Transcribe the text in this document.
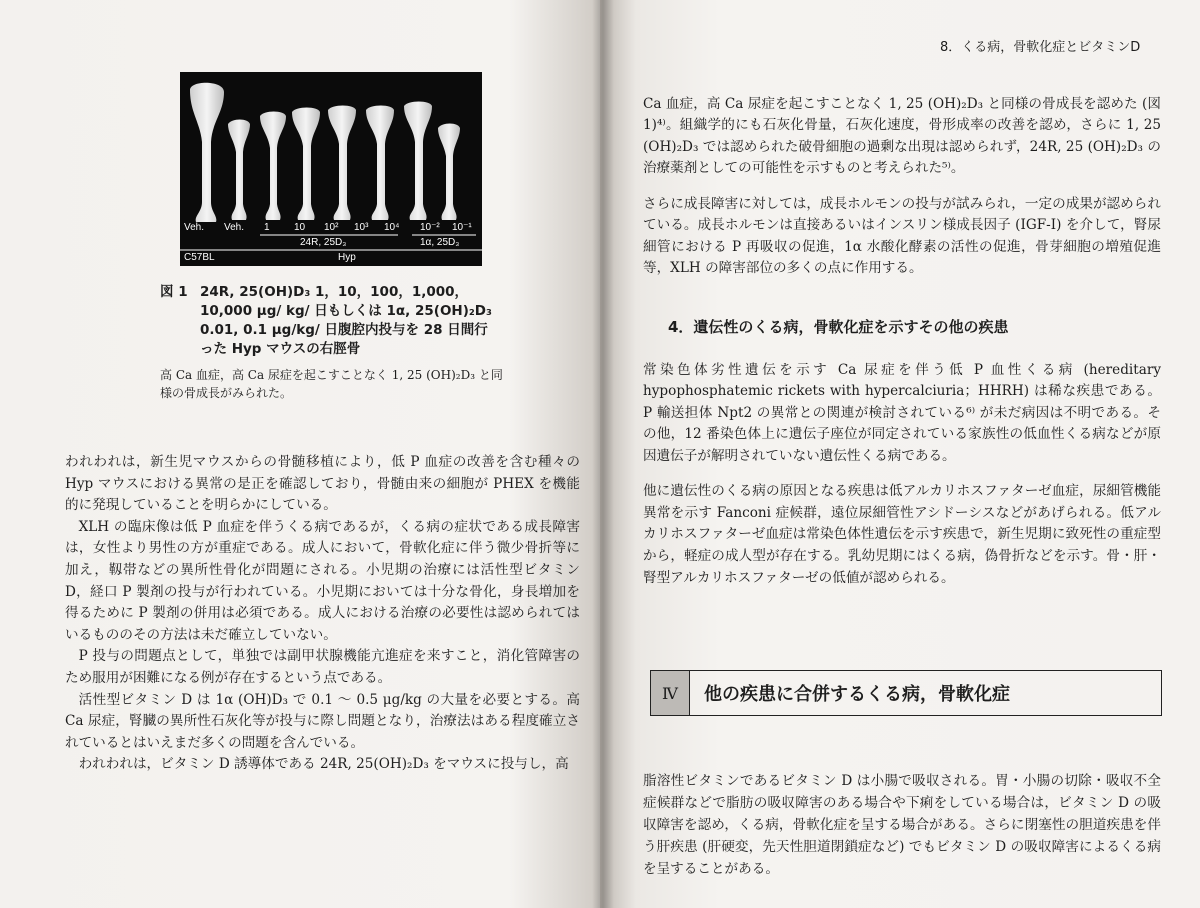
Veh. Veh. 1 10 10² 10³ 10⁴ 10⁻² 10⁻¹
24R, 25D₃	1α, 25D₃
C57BL	Hyp
図 1 24R, 25(OH)D₃ 1，10，100，1,000，10,000 μg/ kg/ 日もしくは 1α, 25(OH)₂D₃ 0.01, 0.1 μg/kg/ 日腹腔内投与を 28 日間行った Hyp マウスの右脛骨
高 Ca 血症，高 Ca 尿症を起こすことなく 1, 25 (OH)₂D₃ と同様の骨成長がみられた。

われわれは，新生児マウスからの骨髄移植により，低 P 血症の改善を含む種々の Hyp マウスにおける異常の是正を確認しており，骨髄由来の細胞が PHEX を機能的に発現していることを明らかにしている。

XLH の臨床像は低 P 血症を伴うくる病であるが，くる病の症状である成長障害は，女性より男性の方が重症である。成人において，骨軟化症に伴う微少骨折等に加え，靱帯などの異所性骨化が問題にされる。小児期の治療には活性型ビタミン D，経口 P 製剤の投与が行われている。小児期においては十分な骨化，身長増加を得るために P 製剤の併用は必須である。成人における治療の必要性は認められてはいるもののその方法は未だ確立していない。

P 投与の問題点として，単独では副甲状腺機能亢進症を来すこと，消化管障害のため服用が困難になる例が存在するという点である。

活性型ビタミン D は 1α (OH)D₃ で 0.1 ～ 0.5 μg/kg の大量を必要とする。高 Ca 尿症，腎臓の異所性石灰化等が投与に際し問題となり，治療法はある程度確立されているとはいえまだ多くの問題を含んでいる。

われわれは，ビタミン D 誘導体である 24R, 25(OH)₂D₃ をマウスに投与し，高

8．くる病，骨軟化症とビタミンD

Ca 血症，高 Ca 尿症を起こすことなく 1, 25 (OH)₂D₃ と同様の骨成長を認めた (図 1)⁴⁾。組織学的にも石灰化骨量，石灰化速度，骨形成率の改善を認め，さらに 1, 25 (OH)₂D₃ では認められた破骨細胞の過剰な出現は認められず，24R, 25 (OH)₂D₃ の治療薬剤としての可能性を示すものと考えられた⁵⁾。

さらに成長障害に対しては，成長ホルモンの投与が試みられ，一定の成果が認められている。成長ホルモンは直接あるいはインスリン様成長因子 (IGF‐Ⅰ) を介して，腎尿細管における P 再吸収の促進，1α 水酸化酵素の活性の促進，骨芽細胞の増殖促進等，XLH の障害部位の多くの点に作用する。

4．遺伝性のくる病，骨軟化症を示すその他の疾患

常染色体劣性遺伝を示す Ca 尿症を伴う低 P 血性くる病 (hereditary hypophosphatemic rickets with hypercalciuria；HHRH) は稀な疾患である。P 輸送担体 Npt2 の異常との関連が検討されている⁶⁾ が未だ病因は不明である。その他，12 番染色体上に遺伝子座位が同定されている家族性の低血性くる病などが原因遺伝子が解明されていない遺伝性くる病である。

他に遺伝性のくる病の原因となる疾患は低アルカリホスファターゼ血症，尿細管機能異常を示す Fanconi 症候群，遠位尿細管性アシドーシスなどがあげられる。低アルカリホスファターゼ血症は常染色体性遺伝を示す疾患で，新生児期に致死性の重症型から，軽症の成人型が存在する。乳幼児期にはくる病，偽骨折などを示す。骨・肝・腎型アルカリホスファターゼの低値が認められる。

Ⅳ	他の疾患に合併するくる病，骨軟化症

脂溶性ビタミンであるビタミン D は小腸で吸収される。胃・小腸の切除・吸収不全症候群などで脂肪の吸収障害のある場合や下痢をしている場合は，ビタミン D の吸収障害を認め，くる病，骨軟化症を呈する場合がある。さらに閉塞性の胆道疾患を伴う肝疾患 (肝硬変，先天性胆道閉鎖症など) でもビタミン D の吸収障害によるくる病を呈することがある。
